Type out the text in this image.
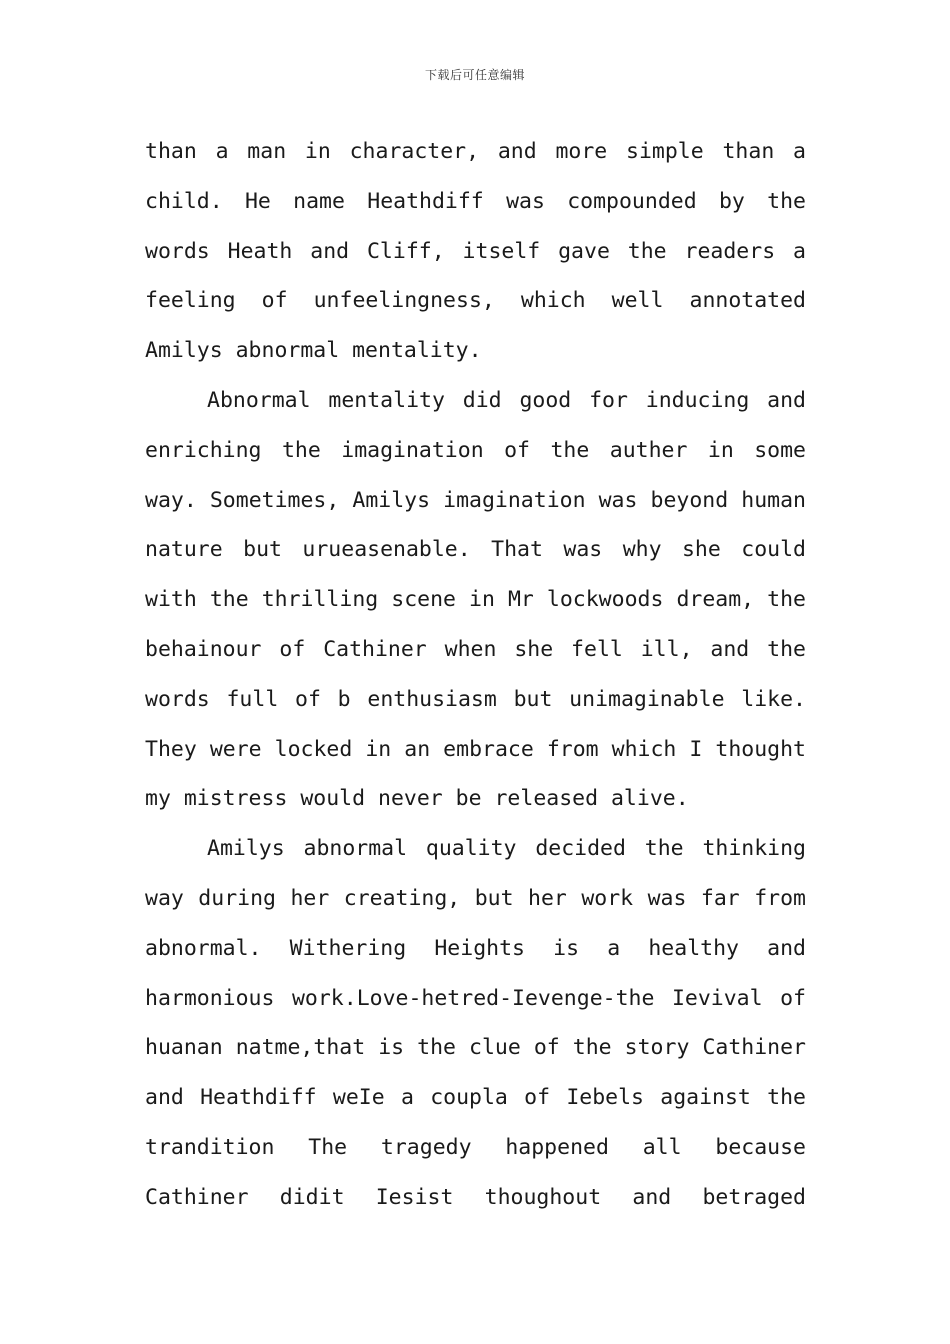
下载后可任意编辑
than a man in character, and more simple than a
child. He name Heathdiff was compounded by the
words Heath and Cliff, itself gave the readers a
feeling of unfeelingness, which well annotated
Amilys abnormal mentality.
Abnormal mentality did good for inducing and
enriching the imagination of the auther in some
way. Sometimes, Amilys imagination was beyond human
nature but urueasenable. That was why she could
with the thrilling scene in Mr lockwoods dream, the
behainour of Cathiner when she fell ill, and the
words full of b enthusiasm but unimaginable like.
They were locked in an embrace from which I thought
my mistress would never be released alive.
Amilys abnormal quality decided the thinking
way during her creating, but her work was far from
abnormal. Withering Heights is a healthy and
harmonious work.Love-hetred-Ievenge-the Ievival of
huanan natme,that is the clue of the story Cathiner
and Heathdiff weIe a coupla of Iebels against the
trandition The tragedy happened all because
Cathiner didit Iesist thoughout and betraged
